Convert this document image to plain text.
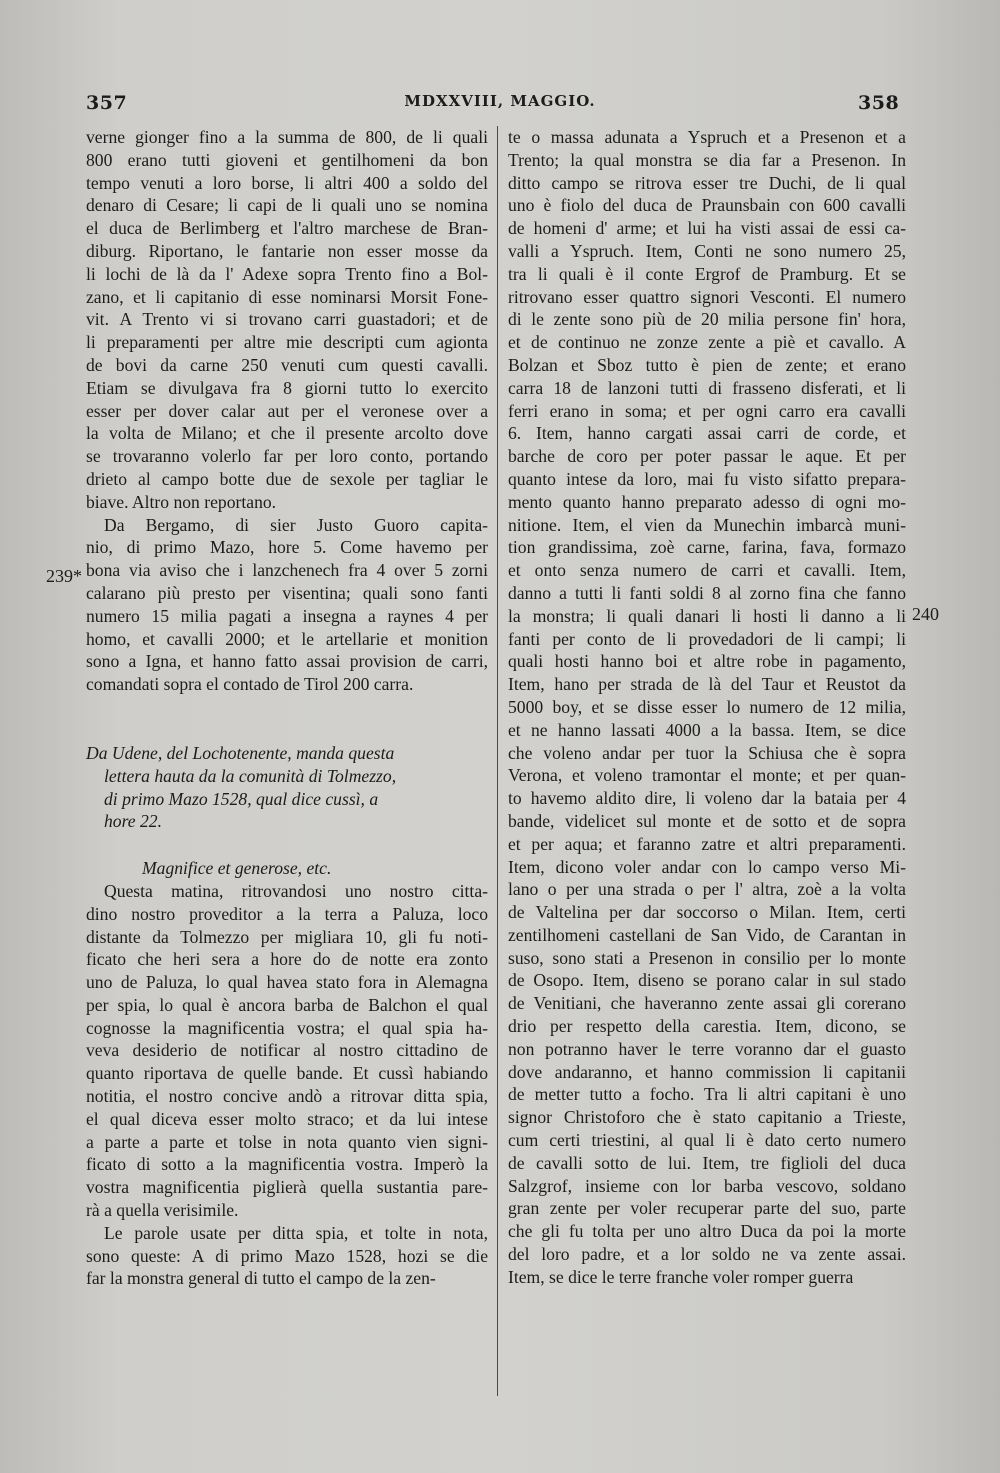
MDXXVIII, MAGGIO.
357	358
239*
240
verne gionger fino a la summa de 800, de li quali
800 erano tutti gioveni et gentilhomeni da bon
tempo venuti a loro borse, li altri 400 a soldo del
denaro di Cesare; li capi de li quali uno se nomina
el duca de Berlimberg et l'altro marchese de Bran-
diburg. Riportano, le fantarie non esser mosse da
li lochi de là da l' Adexe sopra Trento fino a Bol-
zano, et li capitanio di esse nominarsi Morsit Fone-
vit. A Trento vi si trovano carri guastadori; et de
li preparamenti per altre mie descripti cum agionta
de bovi da carne 250 venuti cum questi cavalli.
Etiam se divulgava fra 8 giorni tutto lo exercito
esser per dover calar aut per el veronese over a
la volta de Milano; et che il presente arcolto dove
se trovaranno volerlo far per loro conto, portando
drieto al campo botte due de sexole per tagliar le
biave. Altro non reportano.
Da Bergamo, di sier Justo Guoro capita-
nio, di primo Mazo, hore 5. Come havemo per
bona via aviso che i lanzchenech fra 4 over 5 zorni
calarano più presto per visentina; quali sono fanti
numero 15 milia pagati a insegna a raynes 4 per
homo, et cavalli 2000; et le artellarie et monition
sono a Igna, et hanno fatto assai provision de carri,
comandati sopra el contado de Tirol 200 carra.
Da Udene, del Lochotenente, manda questa
lettera hauta da la comunità di Tolmezzo,
di primo Mazo 1528, qual dice cussì, a
hore 22.
Magnifice et generose, etc.
Questa matina, ritrovandosi uno nostro citta-
dino nostro proveditor a la terra a Paluza, loco
distante da Tolmezzo per migliara 10, gli fu noti-
ficato che heri sera a hore do de notte era zonto
uno de Paluza, lo qual havea stato fora in Alemagna
per spia, lo qual è ancora barba de Balchon el qual
cognosse la magnificentia vostra; el qual spia ha-
veva desiderio de notificar al nostro cittadino de
quanto riportava de quelle bande. Et cussì habiando
notitia, el nostro concive andò a ritrovar ditta spia,
el qual diceva esser molto straco; et da lui intese
a parte a parte et tolse in nota quanto vien signi-
ficato di sotto a la magnificentia vostra. Imperò la
vostra magnificentia piglierà quella sustantia pare-
rà a quella verisimile.
Le parole usate per ditta spia, et tolte in nota,
sono queste: A di primo Mazo 1528, hozi se die
far la monstra general di tutto el campo de la zen-
te o massa adunata a Yspruch et a Presenon et a
Trento; la qual monstra se dia far a Presenon. In
ditto campo se ritrova esser tre Duchi, de li qual
uno è fiolo del duca de Praunsbain con 600 cavalli
de homeni d' arme; et lui ha visti assai de essi ca-
valli a Yspruch. Item, Conti ne sono numero 25,
tra li quali è il conte Ergrof de Pramburg. Et se
ritrovano esser quattro signori Vesconti. El numero
di le zente sono più de 20 milia persone fin' hora,
et de continuo ne zonze zente a piè et cavallo. A
Bolzan et Sboz tutto è pien de zente; et erano
carra 18 de lanzoni tutti di frasseno disferati, et li
ferri erano in soma; et per ogni carro era cavalli
6. Item, hanno cargati assai carri de corde, et
barche de coro per poter passar le aque. Et per
quanto intese da loro, mai fu visto sifatto prepara-
mento quanto hanno preparato adesso di ogni mo-
nitione. Item, el vien da Munechin imbarcà muni-
tion grandissima, zoè carne, farina, fava, formazo
et onto senza numero de carri et cavalli. Item,
danno a tutti li fanti soldi 8 al zorno fina che fanno
la monstra; li quali danari li hosti li danno a li
fanti per conto de li provedadori de li campi; li
quali hosti hanno boi et altre robe in pagamento,
Item, hano per strada de là del Taur et Reustot da
5000 boy, et se disse esser lo numero de 12 milia,
et ne hanno lassati 4000 a la bassa. Item, se dice
che voleno andar per tuor la Schiusa che è sopra
Verona, et voleno tramontar el monte; et per quan-
to havemo aldito dire, li voleno dar la bataia per 4
bande, videlicet sul monte et de sotto et de sopra
et per aqua; et faranno zatre et altri preparamenti.
Item, dicono voler andar con lo campo verso Mi-
lano o per una strada o per l' altra, zoè a la volta
de Valtelina per dar soccorso o Milan. Item, certi
zentilhomeni castellani de San Vido, de Carantan in
suso, sono stati a Presenon in consilio per lo monte
de Osopo. Item, diseno se porano calar in sul stado
de Venitiani, che haveranno zente assai gli corerano
drio per respetto della carestia. Item, dicono, se
non potranno haver le terre voranno dar el guasto
dove andaranno, et hanno commission li capitanii
de metter tutto a focho. Tra li altri capitani è uno
signor Christoforo che è stato capitanio a Trieste,
cum certi triestini, al qual li è dato certo numero
de cavalli sotto de lui. Item, tre figlioli del duca
Salzgrof, insieme con lor barba vescovo, soldano
gran zente per voler recuperar parte del suo, parte
che gli fu tolta per uno altro Duca da poi la morte
del loro padre, et a lor soldo ne va zente assai.
Item, se dice le terre franche voler romper guerra
